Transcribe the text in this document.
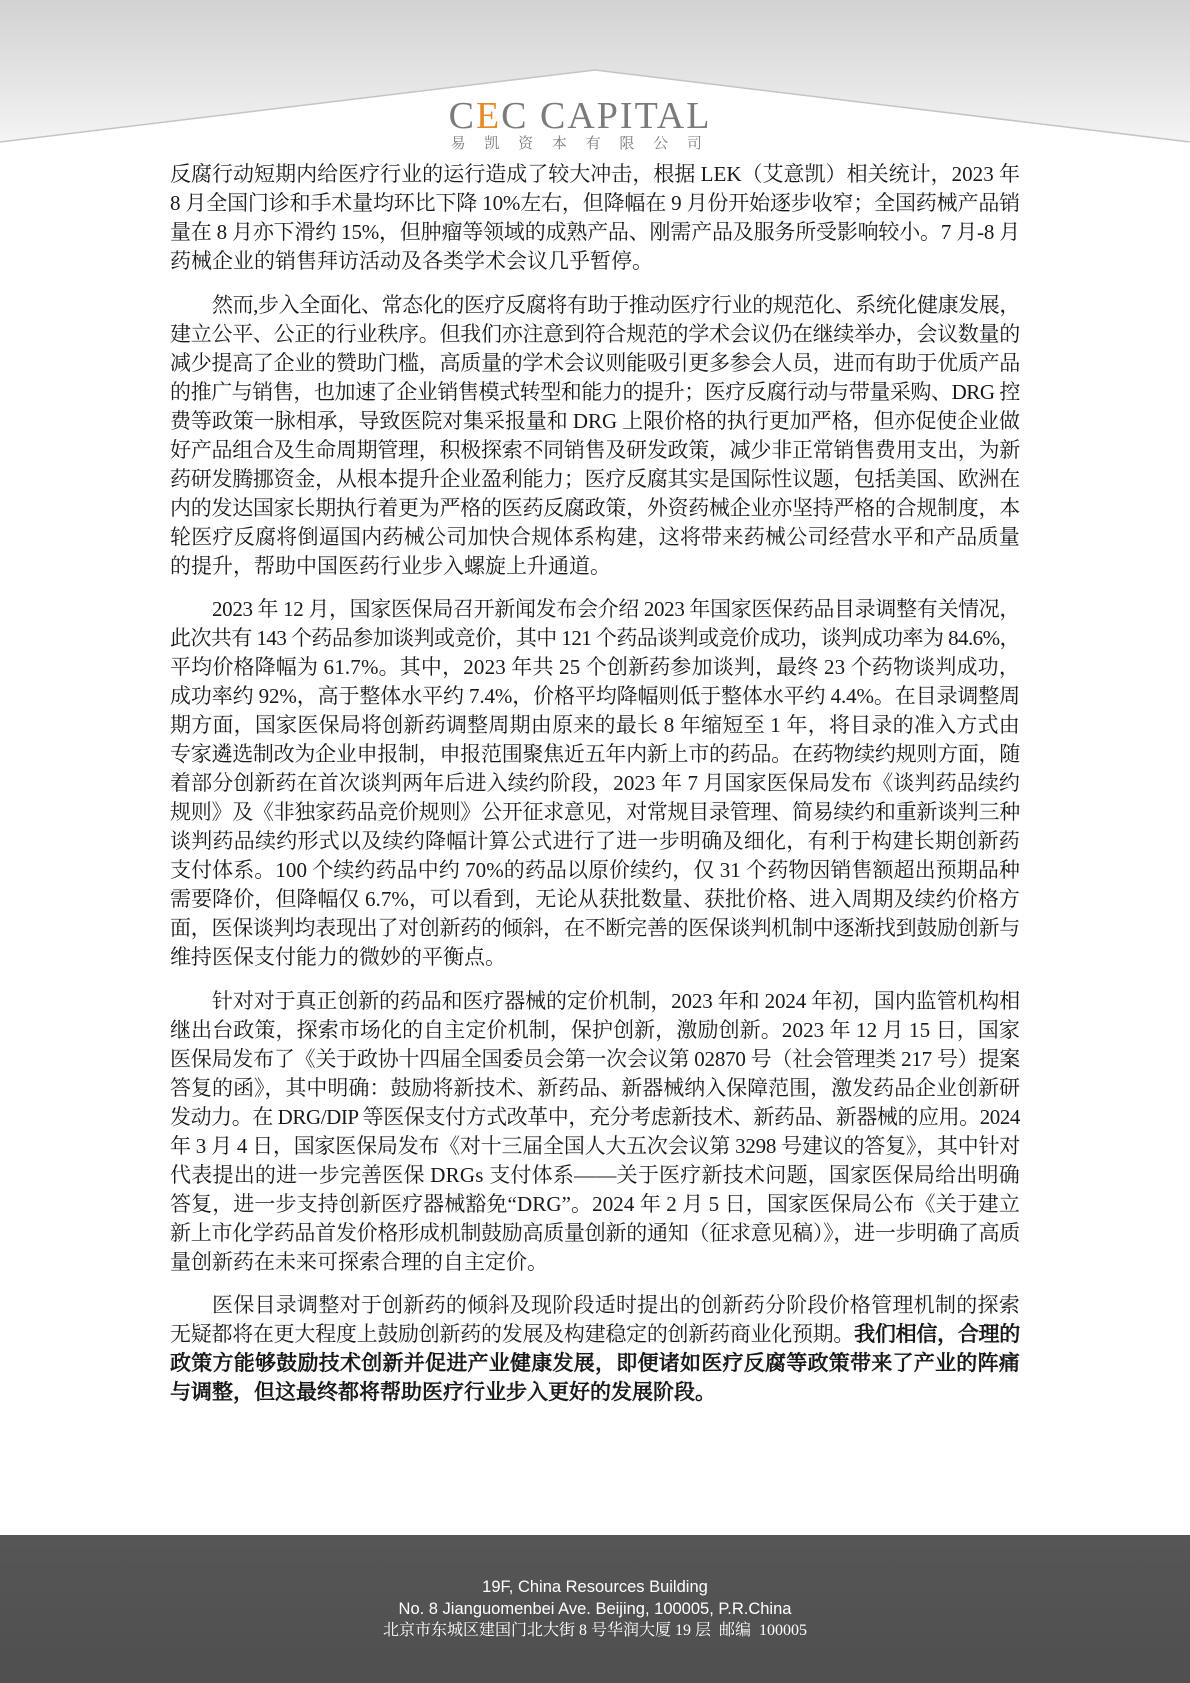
CEC CAPITAL
易 凯 资 本 有 限 公 司
反腐行动短期内给医疗行业的运行造成了较大冲击，根据 LEK（艾意凯）相关统计，2023 年
8 月全国门诊和手术量均环比下降 10%左右，但降幅在 9 月份开始逐步收窄；全国药械产品销
量在 8 月亦下滑约 15%，但肿瘤等领域的成熟产品、刚需产品及服务所受影响较小。7 月-8 月
药械企业的销售拜访活动及各类学术会议几乎暂停。
然而,步入全面化、常态化的医疗反腐将有助于推动医疗行业的规范化、系统化健康发展，
建立公平、公正的行业秩序。但我们亦注意到符合规范的学术会议仍在继续举办，会议数量的
减少提高了企业的赞助门槛，高质量的学术会议则能吸引更多参会人员，进而有助于优质产品
的推广与销售，也加速了企业销售模式转型和能力的提升；医疗反腐行动与带量采购、DRG 控
费等政策一脉相承，导致医院对集采报量和 DRG 上限价格的执行更加严格，但亦促使企业做
好产品组合及生命周期管理，积极探索不同销售及研发政策，减少非正常销售费用支出，为新
药研发腾挪资金，从根本提升企业盈利能力；医疗反腐其实是国际性议题，包括美国、欧洲在
内的发达国家长期执行着更为严格的医药反腐政策，外资药械企业亦坚持严格的合规制度，本
轮医疗反腐将倒逼国内药械公司加快合规体系构建，这将带来药械公司经营水平和产品质量
的提升，帮助中国医药行业步入螺旋上升通道。
2023 年 12 月，国家医保局召开新闻发布会介绍 2023 年国家医保药品目录调整有关情况，
此次共有 143 个药品参加谈判或竞价，其中 121 个药品谈判或竞价成功，谈判成功率为 84.6%，
平均价格降幅为 61.7%。其中，2023 年共 25 个创新药参加谈判，最终 23 个药物谈判成功，
成功率约 92%，高于整体水平约 7.4%，价格平均降幅则低于整体水平约 4.4%。在目录调整周
期方面，国家医保局将创新药调整周期由原来的最长 8 年缩短至 1 年，将目录的准入方式由
专家遴选制改为企业申报制，申报范围聚焦近五年内新上市的药品。在药物续约规则方面，随
着部分创新药在首次谈判两年后进入续约阶段，2023 年 7 月国家医保局发布《谈判药品续约
规则》及《非独家药品竞价规则》公开征求意见，对常规目录管理、简易续约和重新谈判三种
谈判药品续约形式以及续约降幅计算公式进行了进一步明确及细化，有利于构建长期创新药
支付体系。100 个续约药品中约 70%的药品以原价续约，仅 31 个药物因销售额超出预期品种
需要降价，但降幅仅 6.7%，可以看到，无论从获批数量、获批价格、进入周期及续约价格方
面，医保谈判均表现出了对创新药的倾斜，在不断完善的医保谈判机制中逐渐找到鼓励创新与
维持医保支付能力的微妙的平衡点。
针对对于真正创新的药品和医疗器械的定价机制，2023 年和 2024 年初，国内监管机构相
继出台政策，探索市场化的自主定价机制，保护创新，激励创新。2023 年 12 月 15 日，国家
医保局发布了《关于政协十四届全国委员会第一次会议第 02870 号（社会管理类 217 号）提案
答复的函》，其中明确：鼓励将新技术、新药品、新器械纳入保障范围，激发药品企业创新研
发动力。在 DRG/DIP 等医保支付方式改革中，充分考虑新技术、新药品、新器械的应用。2024
年 3 月 4 日，国家医保局发布《对十三届全国人大五次会议第 3298 号建议的答复》，其中针对
代表提出的进一步完善医保 DRGs 支付体系——关于医疗新技术问题，国家医保局给出明确
答复，进一步支持创新医疗器械豁免“DRG”。2024 年 2 月 5 日，国家医保局公布《关于建立
新上市化学药品首发价格形成机制鼓励高质量创新的通知（征求意见稿）》，进一步明确了高质
量创新药在未来可探索合理的自主定价。
医保目录调整对于创新药的倾斜及现阶段适时提出的创新药分阶段价格管理机制的探索
无疑都将在更大程度上鼓励创新药的发展及构建稳定的创新药商业化预期。我们相信，合理的
政策方能够鼓励技术创新并促进产业健康发展，即便诸如医疗反腐等政策带来了产业的阵痛
与调整，但这最终都将帮助医疗行业步入更好的发展阶段。
19F, China Resources Building
No. 8 Jianguomenbei Ave. Beijing, 100005, P.R.China
北京市东城区建国门北大街 8 号华润大厦 19 层  邮编  100005
